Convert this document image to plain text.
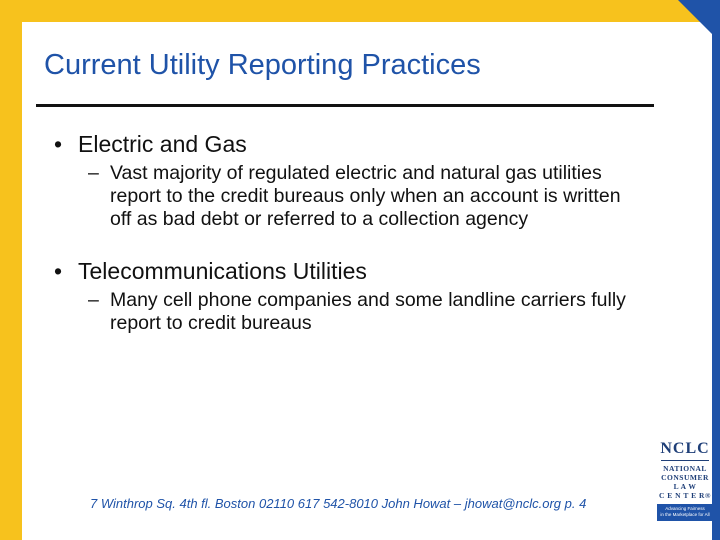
Current Utility Reporting Practices
• Electric and Gas
– Vast majority of regulated electric and natural gas utilities report to the credit bureaus only when an account is written off as bad debt or referred to a collection agency
• Telecommunications Utilities
– Many cell phone companies and some landline carriers fully report to credit bureaus
7 Winthrop Sq. 4th fl. Boston 02110 617 542-8010 John Howat – jhowat@nclc.org p. 4
NCLC
NATIONAL
CONSUMER
L A W
C E N T E R®
Advancing Fairness
in the Marketplace for All
